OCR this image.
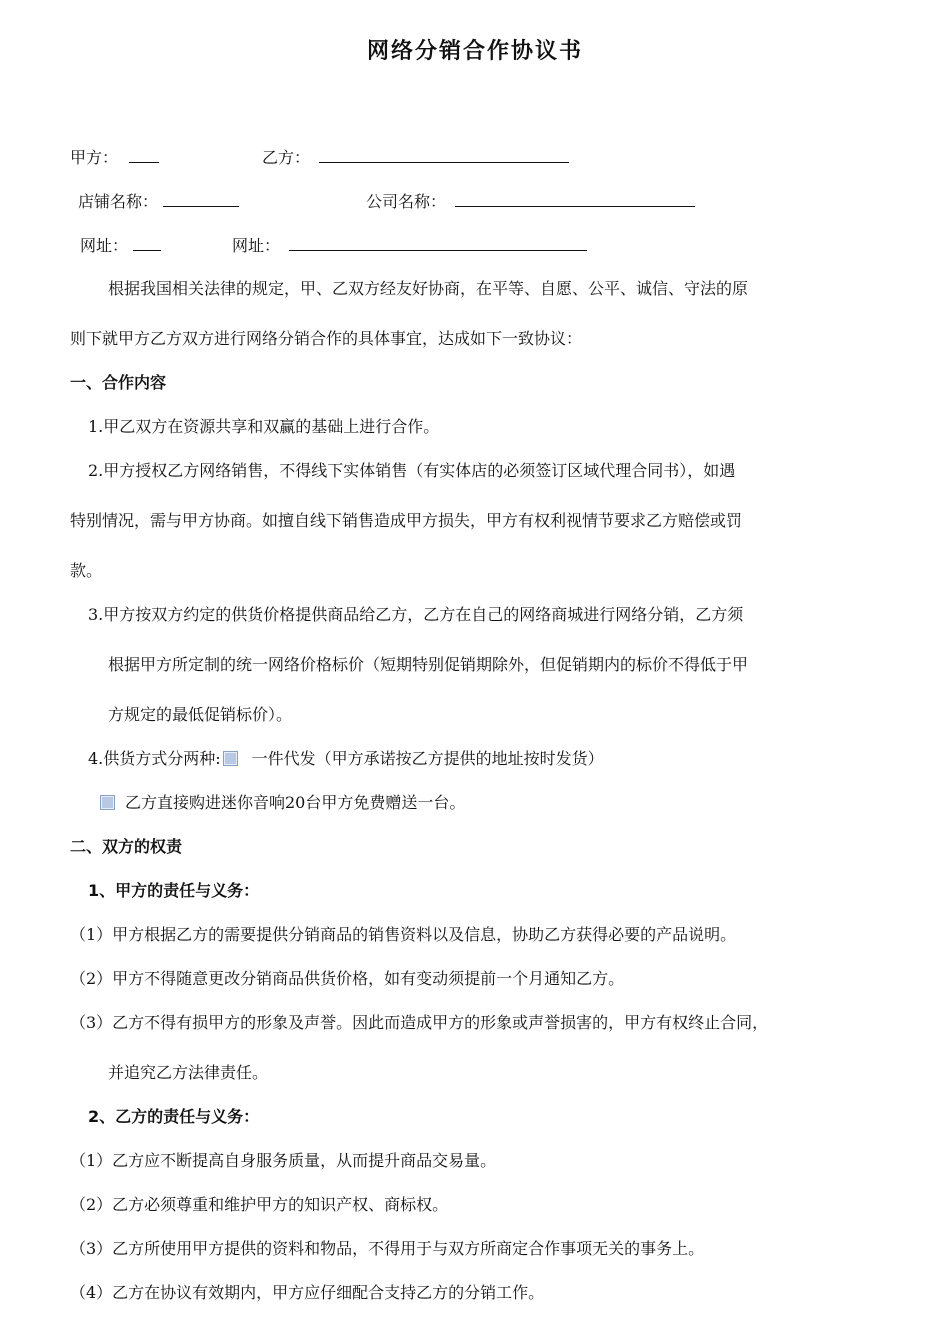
网络分销合作协议书
甲方：	乙方：
店铺名称：	公司名称：
网址：	网址：
根据我国相关法律的规定，甲、乙双方经友好协商，在平等、自愿、公平、诚信、守法的原
则下就甲方乙方双方进行网络分销合作的具体事宜，达成如下一致协议：
一、合作内容
1.甲乙双方在资源共享和双赢的基础上进行合作。
2.甲方授权乙方网络销售，不得线下实体销售（有实体店的必须签订区域代理合同书），如遇
特别情况，需与甲方协商。如擅自线下销售造成甲方损失，甲方有权利视情节要求乙方赔偿或罚
款。
3.甲方按双方约定的供货价格提供商品给乙方，乙方在自己的网络商城进行网络分销，乙方须
根据甲方所定制的统一网络价格标价（短期特别促销期除外，但促销期内的标价不得低于甲
方规定的最低促销标价）。
4.供货方式分两种: 一件代发（甲方承诺按乙方提供的地址按时发货）
乙方直接购进迷你音响20台甲方免费赠送一台。
二、双方的权责
1、甲方的责任与义务：
（1）甲方根据乙方的需要提供分销商品的销售资料以及信息，协助乙方获得必要的产品说明。
（2）甲方不得随意更改分销商品供货价格，如有变动须提前一个月通知乙方。
（3）乙方不得有损甲方的形象及声誉。因此而造成甲方的形象或声誉损害的，甲方有权终止合同，
并追究乙方法律责任。
2、乙方的责任与义务：
（1）乙方应不断提高自身服务质量，从而提升商品交易量。
（2）乙方必须尊重和维护甲方的知识产权、商标权。
（3）乙方所使用甲方提供的资料和物品，不得用于与双方所商定合作事项无关的事务上。
（4）乙方在协议有效期内，甲方应仔细配合支持乙方的分销工作。
